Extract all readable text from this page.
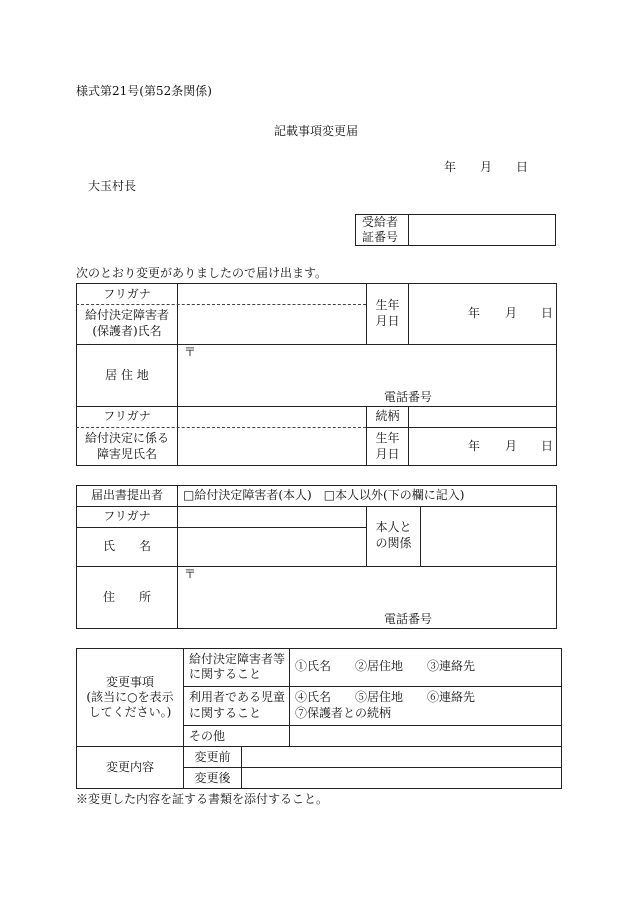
様式第21号(第52条関係)
記載事項変更届
年 月 日
大玉村長
受給者
証番号
次のとおり変更がありましたので届け出ます。
フリガナ
給付決定障害者
(保護者)氏名
生年
月日
年 月 日
居 住 地
〒
電話番号
フリガナ	続柄
給付決定に係る
障害児氏名
生年
月日
年 月 日
届出書提出者	□給付決定障害者(本人)　□本人以外(下の欄に記入)
フリガナ
氏　　名
本人と
の関係
住　　所
〒
電話番号
変更事項
(該当に○を表示
してください。)
給付決定障害者等
に関すること
①氏名　　②居住地　　③連絡先
利用者である児童
に関すること
④氏名　　⑤居住地　　⑥連絡先
⑦保護者との続柄
その他
変更内容
変更前
変更後
※変更した内容を証する書類を添付すること。
